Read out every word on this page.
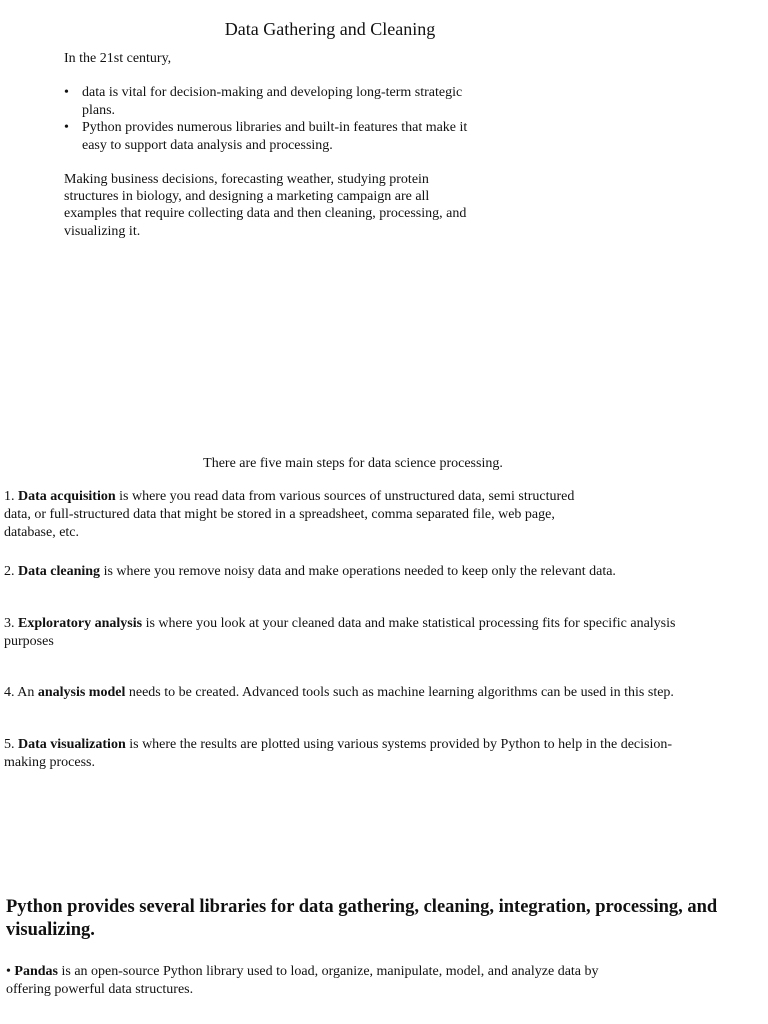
Data Gathering and Cleaning
In the 21st century,
• data is vital for decision-making and developing long-term strategic plans.
• Python provides numerous libraries and built-in features that make it easy to support data analysis and processing.

Making business decisions, forecasting weather, studying protein structures in biology, and designing a marketing campaign are all examples that require collecting data and then cleaning, processing, and visualizing it.

There are five main steps for data science processing.

1. Data acquisition is where you read data from various sources of unstructured data, semi structured data, or full-structured data that might be stored in a spreadsheet, comma separated file, web page, database, etc.

2. Data cleaning is where you remove noisy data and make operations needed to keep only the relevant data.

3. Exploratory analysis is where you look at your cleaned data and make statistical processing fits for specific analysis purposes

4. An analysis model needs to be created. Advanced tools such as machine learning algorithms can be used in this step.

5. Data visualization is where the results are plotted using various systems provided by Python to help in the decision-making process.

Python provides several libraries for data gathering, cleaning, integration, processing, and visualizing.

• Pandas is an open-source Python library used to load, organize, manipulate, model, and analyze data by offering powerful data structures.
